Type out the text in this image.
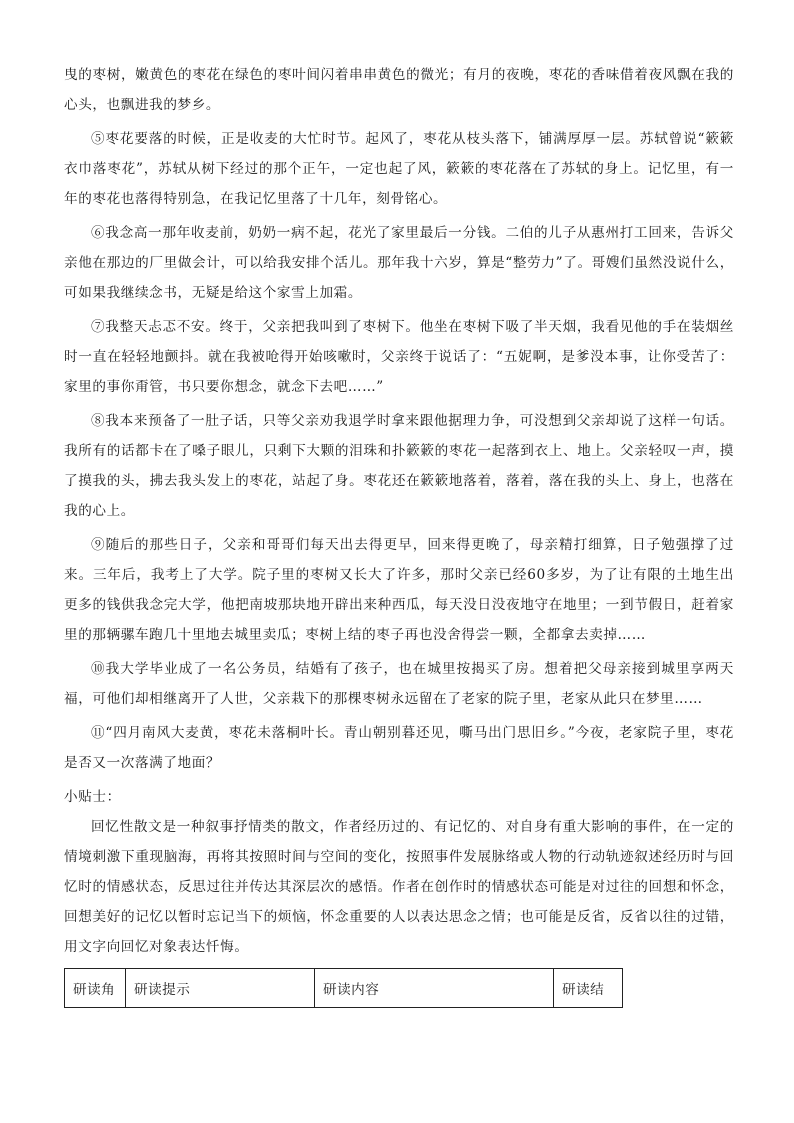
曳的枣树，嫩黄色的枣花在绿色的枣叶间闪着串串黄色的微光；有月的夜晚，枣花的香味借着夜风飘在我的心头，也飘进我的梦乡。

⑤枣花要落的时候，正是收麦的大忙时节。起风了，枣花从枝头落下，铺满厚厚一层。苏轼曾说“簌簌衣巾落枣花”，苏轼从树下经过的那个正午，一定也起了风，簌簌的枣花落在了苏轼的身上。记忆里，有一年的枣花也落得特别急，在我记忆里落了十几年，刻骨铭心。

⑥我念高一那年收麦前，奶奶一病不起，花光了家里最后一分钱。二伯的儿子从惠州打工回来，告诉父亲他在那边的厂里做会计，可以给我安排个活儿。那年我十六岁，算是“整劳力”了。哥嫂们虽然没说什么，可如果我继续念书，无疑是给这个家雪上加霜。

⑦我整天忐忑不安。终于，父亲把我叫到了枣树下。他坐在枣树下吸了半天烟，我看见他的手在装烟丝时一直在轻轻地颤抖。就在我被呛得开始咳嗽时，父亲终于说话了：“五妮啊，是爹没本事，让你受苦了：家里的事你甭管，书只要你想念，就念下去吧……”

⑧我本来预备了一肚子话，只等父亲劝我退学时拿来跟他据理力争，可没想到父亲却说了这样一句话。我所有的话都卡在了嗓子眼儿，只剩下大颗的泪珠和扑簌簌的枣花一起落到衣上、地上。父亲轻叹一声，摸了摸我的头，拂去我头发上的枣花，站起了身。枣花还在簌簌地落着，落着，落在我的头上、身上，也落在我的心上。

⑨随后的那些日子，父亲和哥哥们每天出去得更早，回来得更晚了，母亲精打细算，日子勉强撑了过来。三年后，我考上了大学。院子里的枣树又长大了许多，那时父亲已经60多岁，为了让有限的土地生出更多的钱供我念完大学，他把南坡那块地开辟出来种西瓜，每天没日没夜地守在地里；一到节假日，赶着家里的那辆骡车跑几十里地去城里卖瓜；枣树上结的枣子再也没舍得尝一颗，全都拿去卖掉……

⑩我大学毕业成了一名公务员，结婚有了孩子，也在城里按揭买了房。想着把父母亲接到城里享两天福，可他们却相继离开了人世，父亲栽下的那棵枣树永远留在了老家的院子里，老家从此只在梦里……

⑪“四月南风大麦黄，枣花未落桐叶长。青山朝别暮还见，嘶马出门思旧乡。”今夜，老家院子里，枣花是否又一次落满了地面？

小贴士：

回忆性散文是一种叙事抒情类的散文，作者经历过的、有记忆的、对自身有重大影响的事件，在一定的情境刺激下重现脑海，再将其按照时间与空间的变化，按照事件发展脉络或人物的行动轨迹叙述经历时与回忆时的情感状态，反思过往并传达其深层次的感悟。作者在创作时的情感状态可能是对过往的回想和怀念，回想美好的记忆以暂时忘记当下的烦恼，怀念重要的人以表达思念之情；也可能是反省，反省以往的过错，用文字向回忆对象表达忏悔。

研读角	研读提示	研读内容	研读结
